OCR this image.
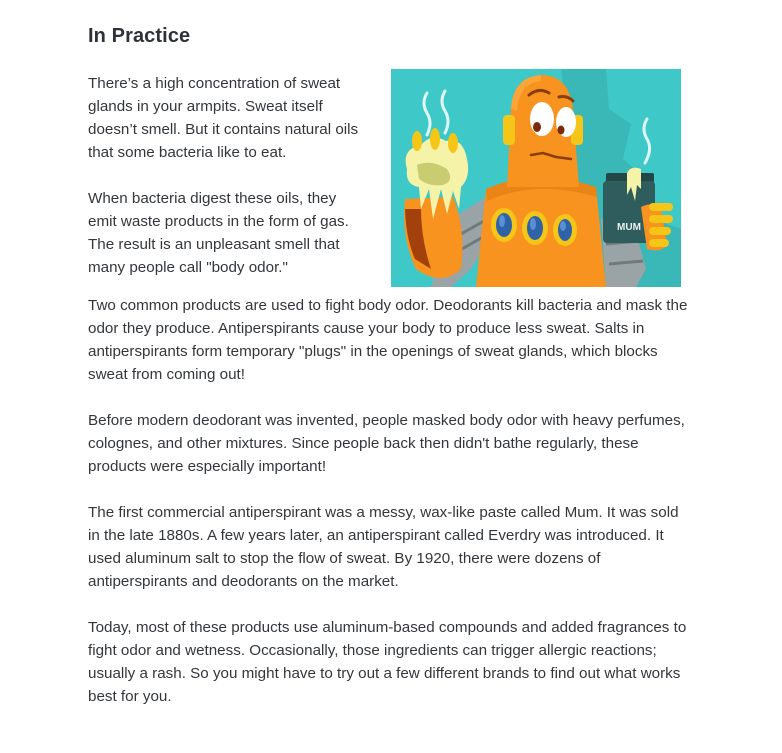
In Practice

There’s a high concentration of sweat glands in your armpits. Sweat itself doesn’t smell. But it contains natural oils that some bacteria like to eat.

When bacteria digest these oils, they emit waste products in the form of gas. The result is an unpleasant smell that many people call "body odor."

MUM

Two common products are used to fight body odor. Deodorants kill bacteria and mask the odor they produce. Antiperspirants cause your body to produce less sweat. Salts in antiperspirants form temporary "plugs" in the openings of sweat glands, which blocks sweat from coming out!

Before modern deodorant was invented, people masked body odor with heavy perfumes, colognes, and other mixtures. Since people back then didn't bathe regularly, these products were especially important!

The first commercial antiperspirant was a messy, wax-like paste called Mum. It was sold in the late 1880s. A few years later, an antiperspirant called Everdry was introduced. It used aluminum salt to stop the flow of sweat. By 1920, there were dozens of antiperspirants and deodorants on the market.

Today, most of these products use aluminum-based compounds and added fragrances to fight odor and wetness. Occasionally, those ingredients can trigger allergic reactions; usually a rash. So you might have to try out a few different brands to find out what works best for you.
